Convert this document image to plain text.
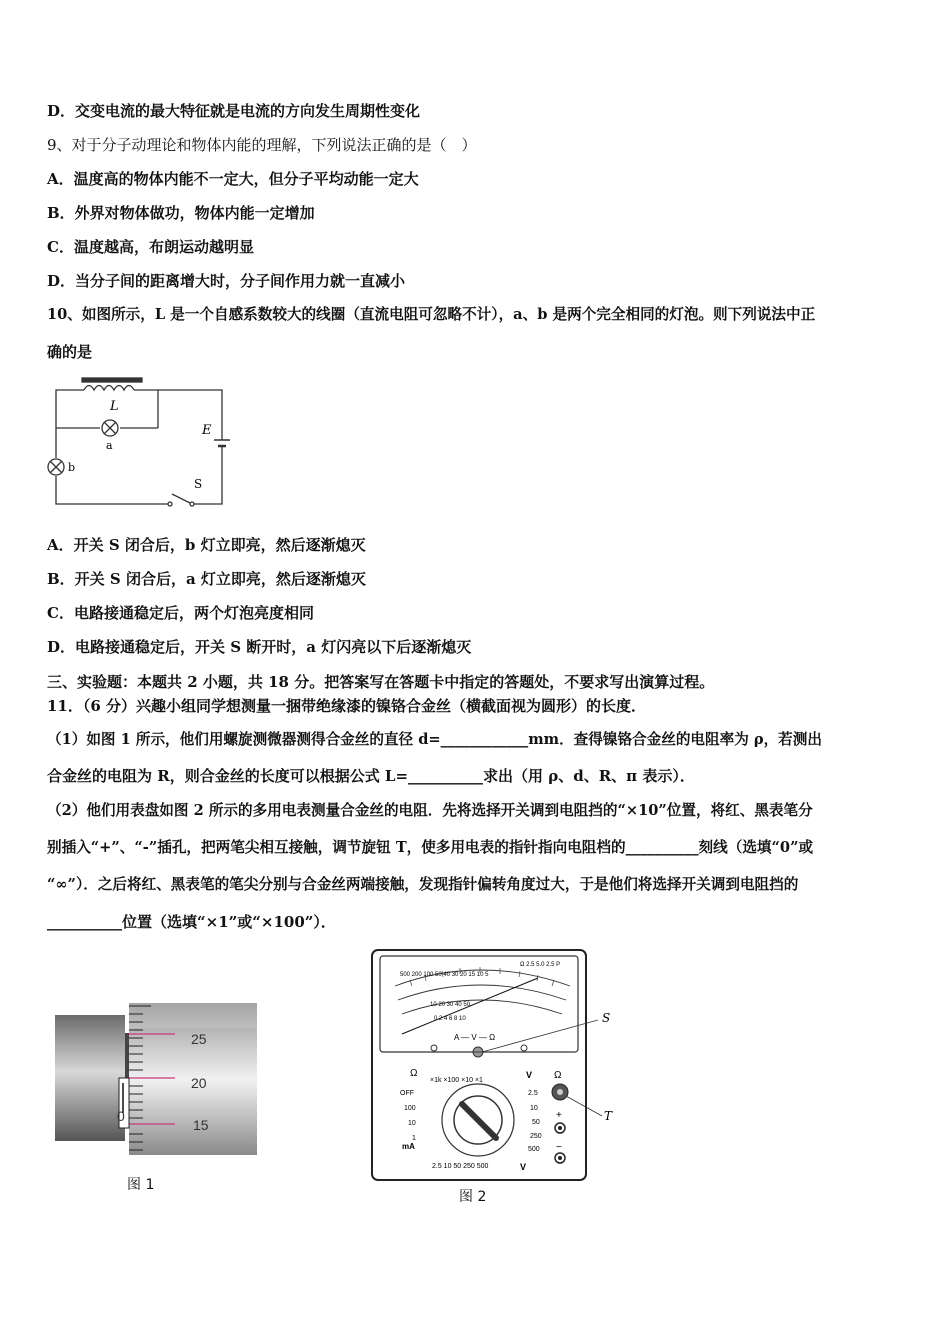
D．交变电流的最大特征就是电流的方向发生周期性变化
9、对于分子动理论和物体内能的理解，下列说法正确的是（　）
A．温度高的物体内能不一定大，但分子平均动能一定大
B．外界对物体做功，物体内能一定增加
C．温度越高，布朗运动越明显
D．当分子间的距离增大时，分子间作用力就一直减小
10、如图所示，L 是一个自感系数较大的线圈（直流电阻可忽略不计），a、b 是两个完全相同的灯泡。则下列说法中正
确的是
L
a
b
E
S
A．开关 S 闭合后，b 灯立即亮，然后逐渐熄灭
B．开关 S 闭合后，a 灯立即亮，然后逐渐熄灭
C．电路接通稳定后，两个灯泡亮度相同
D．电路接通稳定后，开关 S 断开时，a 灯闪亮以下后逐渐熄灭
三、实验题：本题共 2 小题，共 18 分。把答案写在答题卡中指定的答题处，不要求写出演算过程。
11．（6 分）兴趣小组同学想测量一捆带绝缘漆的镍铬合金丝（横截面视为圆形）的长度．
（1）如图 1 所示，他们用螺旋测微器测得合金丝的直径 d=____________mm．查得镍铬合金丝的电阻率为 ρ，若测出
合金丝的电阻为 R，则合金丝的长度可以根据公式 L=__________求出（用 ρ、d、R、π 表示）．
（2）他们用表盘如图 2 所示的多用电表测量合金丝的电阻．先将选择开关调到电阻挡的“×10”位置，将红、黑表笔分
别插入“+”、“-”插孔，把两笔尖相互接触，调节旋钮 T，使多用电表的指针指向电阻档的__________刻线（选填“0”或
“∞”）．之后将红、黑表笔的笔尖分别与合金丝两端接触，发现指针偏转角度过大，于是他们将选择开关调到电阻挡的
__________位置（选填“×1”或“×100”）．
25
20
15
0
图 1
500 200 100 50 40 30 20 15 10 5
10 20 30 40 50
0 2 4 6 8 10
Ω 2.5 5.0 2.5 P
A — V — Ω
S
Ω
×1k ×100 ×10 ×1
V
OFF
100
10
1
2.5
10
50
250
500
mA
2.5 10 50 250 500	V
Ω
T
+
−
图 2
